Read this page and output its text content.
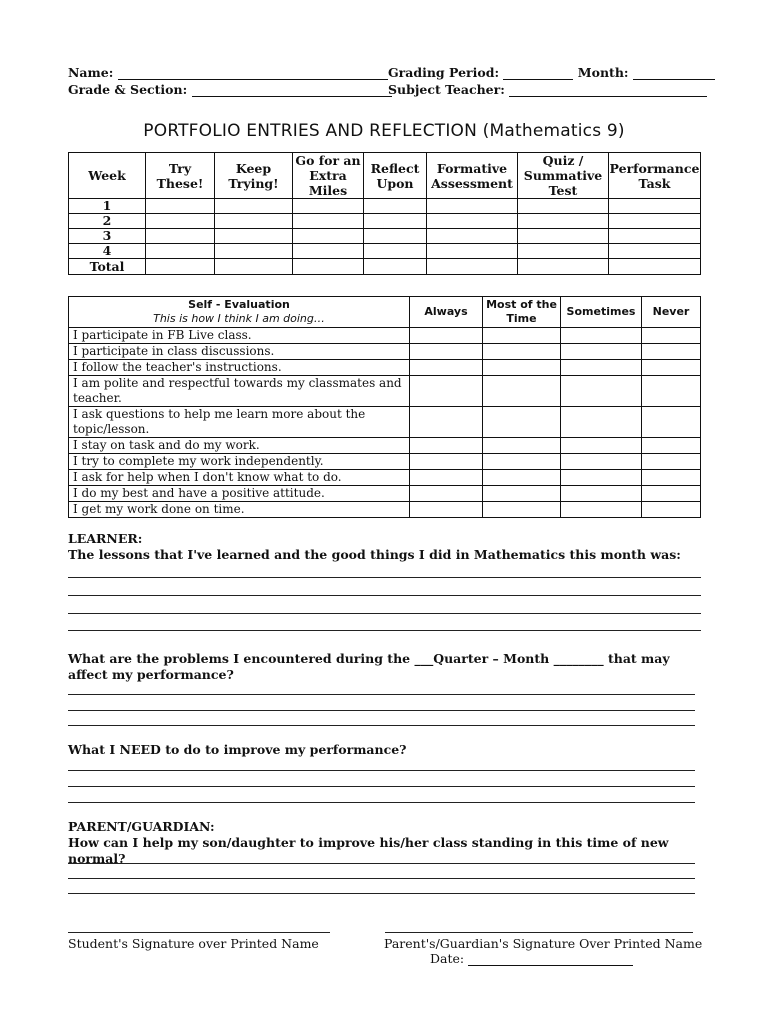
Name:	Grading Period:	Month:
Grade & Section:	Subject Teacher:
PORTFOLIO ENTRIES AND REFLECTION (Mathematics 9)
Week	Try These!	Keep Trying!	Go for an Extra Miles	Reflect Upon	Formative Assessment	Quiz / Summative Test	Performance Task
1							
2							
3							
4							
Total							
Self - Evaluation
This is how I think I am doing…	Always	Most of the Time	Sometimes	Never
I participate in FB Live class.				
I participate in class discussions.				
I follow the teacher's instructions.				
I am polite and respectful towards my classmates and teacher.				
I ask questions to help me learn more about the topic/lesson.				
I stay on task and do my work.				
I try to complete my work independently.				
I ask for help when I don't know what to do.				
I do my best and have a positive attitude.				
I get my work done on time.				
LEARNER:
The lessons that I've learned and the good things I did in Mathematics this month was:
What are the problems I encountered during the ___Quarter – Month ________ that may affect my performance?
What I NEED to do to improve my performance?
PARENT/GUARDIAN:
How can I help my son/daughter to improve his/her class standing in this time of new normal?
Student's Signature over Printed Name	Parent's/Guardian's Signature Over Printed Name
Date:
